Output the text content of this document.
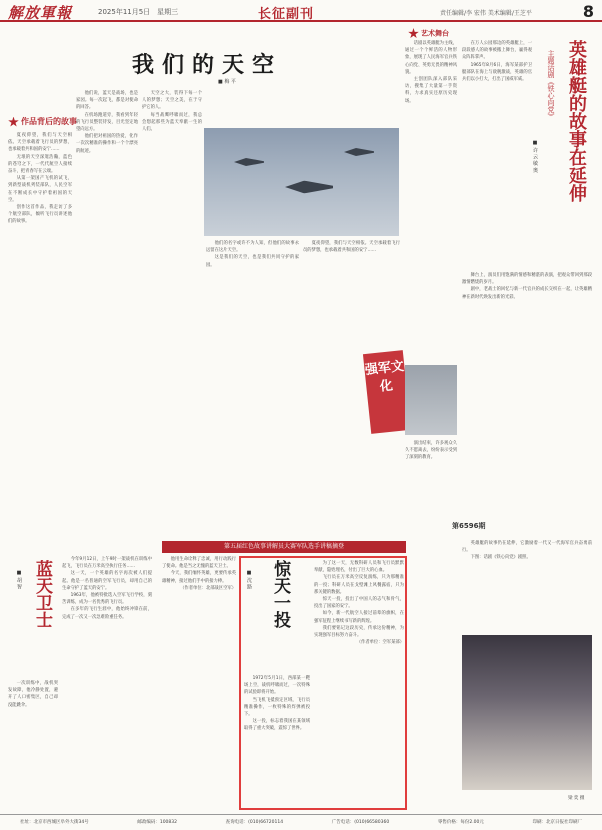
解放軍報	2025年11月5日　星期三	长征副刊	责任编辑/李 宏伟 美术编辑/王芝平	8
我们的天空
■ 梅 平
作品背后的故事

夏夜仰望，我们与天空相依。天空承载着飞行员的梦想，也承载着共和国的安宁……

无垠的天空深邃浩瀚，蓝色的苍穹之下，一代代航空人接续奋斗，把青春写在云端。

从第一架国产飞机的试飞，到新型战机列装部队，人民空军在不断成长中守护着祖国的天空。

创作这首作品，我走访了多个航空部队，倾听飞行员讲述他们的故事。

他们说，蓝天是战场，也是家园。每一次起飞，都是对使命的回答。

在机场跑道旁，我看到年轻的飞行员整装待发，目光坚定地望向远方。

他们把对祖国的热爱，化作一次次精准的操作和一个个漂亮的航迹。

天空之大，装得下每一个人的梦想；天空之美，在于守护它的人。

每当战鹰呼啸而过，我总会想起那些为蓝天奉献一生的人们。

他们的名字或许不为人知，但他们的故事永远留在这片天空。

这是我们的天空，也是我们共同守护的家园。

夏夜仰望，我们与天空相依。天空承载着飞行员的梦想，也承载着共和国的安宁……

艺术舞台
英雄艇的故事在延伸
主题话剧《铁心向党》
■ 许 云 敏 奥

在万人公园那边的英雄艇上，一段段感人的故事被搬上舞台，赢得观众阵阵掌声。

1965年8月6日，海军某部护卫艇部队在海上与敌舰激战，英雄的官兵们以小打大，打出了国威军威。

话剧以英雄艇为主线，通过一个个鲜活的人物形象，展现了人民海军官兵铁心向党、英勇无畏的精神风貌。

主创团队深入部队采访，搜集了大量第一手资料，力求真实还原历史现场。

舞台上，演员们用饱满的情感和精湛的表演，把观众带回到那段激情燃烧的岁月。

剧中，老战士的回忆与新一代官兵的成长交织在一起，让英雄精神在新时代焕发出新的光彩。

演出结束，许多观众久久不愿离去，纷纷表示受到了深刻的教育。

英雄艇的故事仍在延伸，它激励着一代又一代海军官兵奋勇前行。

下图：话剧《铁心向党》剧照。

梁 奕 摄
强军文化
第6596期
第五届红色故事讲解员大赛军队选手讲稿摘登
蓝天卫士
■ 胡 智

今年9月12日，上午9时一架战机在训练中起飞，飞行员在万米高空执行任务……

这一天，一个英雄的名字再次被人们提起。他是一名普通的空军飞行员，却用自己的生命守护了蓝天的安宁。

1963年，他被特批选入空军飞行学校，刻苦训练，成为一名优秀的飞行员。

在多年的飞行生涯中，他始终冲锋在前，完成了一次又一次急难险重任务。

一次训练中，战机突发故障，他冷静处置，避开了人口密集区，自己却没能跳伞。

他用生命诠释了忠诚，用行动践行了使命。他是当之无愧的蓝天卫士。

今天，我们缅怀英雄，更要传承英雄精神，接过他们手中的接力棒。

（作者单位：北部战区空军） 惊天一投
■ 沈 路

1972年5月1日，西部某一靶场上空，战机呼啸而过，一次特殊的试验即将开始。

当飞机飞抵预定区域，飞行员精准操作，一枚特殊的炸弹被投下。

这一投，标志着我国在某领域取得了重大突破，震惊了世界。

为了这一天，无数科研人员和飞行员默默奉献，隐姓埋名，付出了巨大的心血。

飞行员在万米高空反复演练，只为那精准的一投；科研人员在戈壁滩上风餐露宿，只为那关键的数据。

惊天一投，投出了中国人的志气和骨气，投出了国家的安宁。

如今，新一代航空人接过前辈的旗帜，在强军征程上继续书写新的辉煌。

我们要铭记这段历史，传承这份精神，为实现强军目标努力奋斗。

（作者单位：空军某部）

社址：北京市西城区阜外大街34号	邮政编码：100832	查询电话：(010)66720114	广告电话：(010)66580360	零售价格：每份2.00元	印刷：北京日报社印刷厂
